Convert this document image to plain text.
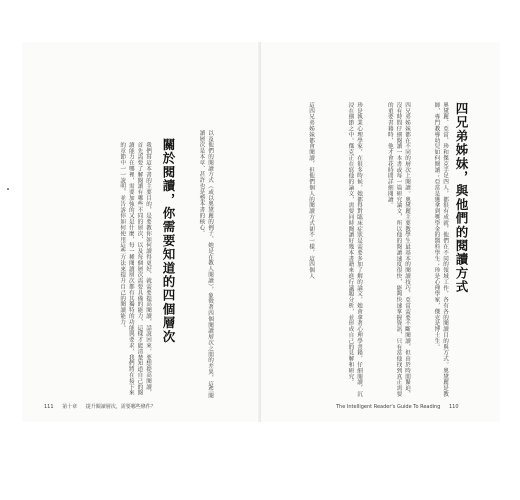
以及他們的閱讀方式（或以奧黛麗的例子，她是在教人閱讀），象徵著四個閱讀層次之間的差異，這些閱讀層次是本章、甚許也是整本書的核心。
關於閱讀，你需要知道的四個層次
我們寫這本書的主要目的，是要教你如何讀得更好，就需要提高閱讀，話說回來，要想提高閱讀，首先需要了解閱讀有哪些不同的層次，以及每個層次需要具備的能力，這樣才能清楚知道自己的閱讀能力在哪裡，需要加強的又是什麼，每一種閱讀層次都有其獨特的功能與要求，我們將在接下來的章節中一一說明，並告訴你如何使用這些方法來提升自己的閱讀能力。
111 第十章 提升閱讀層次，需要哪些條件？
四兄弟姊妹，與他們的閱讀方式
奧黛麗、亞當、珍和傑克手足四人，都很有成就，他們在不同的領域工作，各有各的閱讀目的與方式。奧黛麗是教師，專門教導幼兒如何閱讀；亞當是獲拿到獎學金的醫科學生；珍是心理學家，傑克是博士生。
四兄弟姊妹都在不同的層次上閱讀。奧黛麗主要教學生最基本的閱讀技巧，亞當需要不斷閱讀，但由於時間緊迫，沒有時間仔細閱讀一本書或每一篇研究論文，所以他的閱讀速度很快，能夠快速掌握資訊，只有當他找到真正需要的重要書籍時，他才會花時間詳細閱讀。
珍是執業心理學家，在很多時候，她都得對臨床症狀是需要多加了解的論文，她會拿著心理學書籍，仔細閱讀，沉浸在細節之中。傑克正在寫他的論文，需要同時閱讀好幾本書籍來進行議題分析，並形成自己的見解和研究。
這四兄弟姊妹都會閱讀，但他們個人的閱讀方式卻不一樣，這四個人
The Intelligent Reader's Guide To Reading 110
